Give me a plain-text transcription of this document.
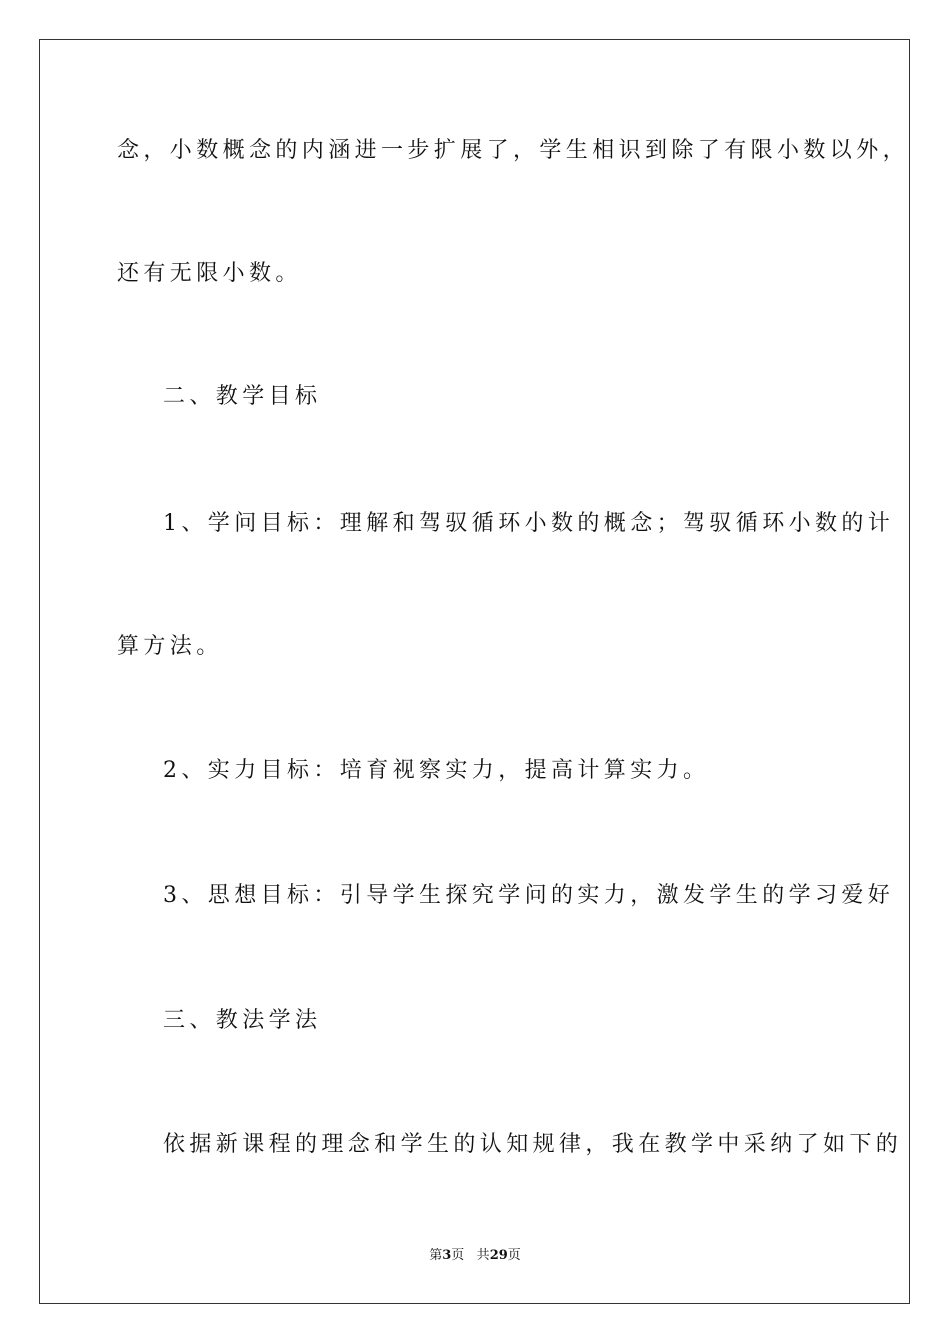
念，小数概念的内涵进一步扩展了，学生相识到除了有限小数以外，
还有无限小数。
二、教学目标
1、学问目标：理解和驾驭循环小数的概念；驾驭循环小数的计
算方法。
2、实力目标：培育视察实力，提高计算实力。
3、思想目标：引导学生探究学问的实力，激发学生的学习爱好
三、教法学法
依据新课程的理念和学生的认知规律，我在教学中采纳了如下的
第3页 共29页
